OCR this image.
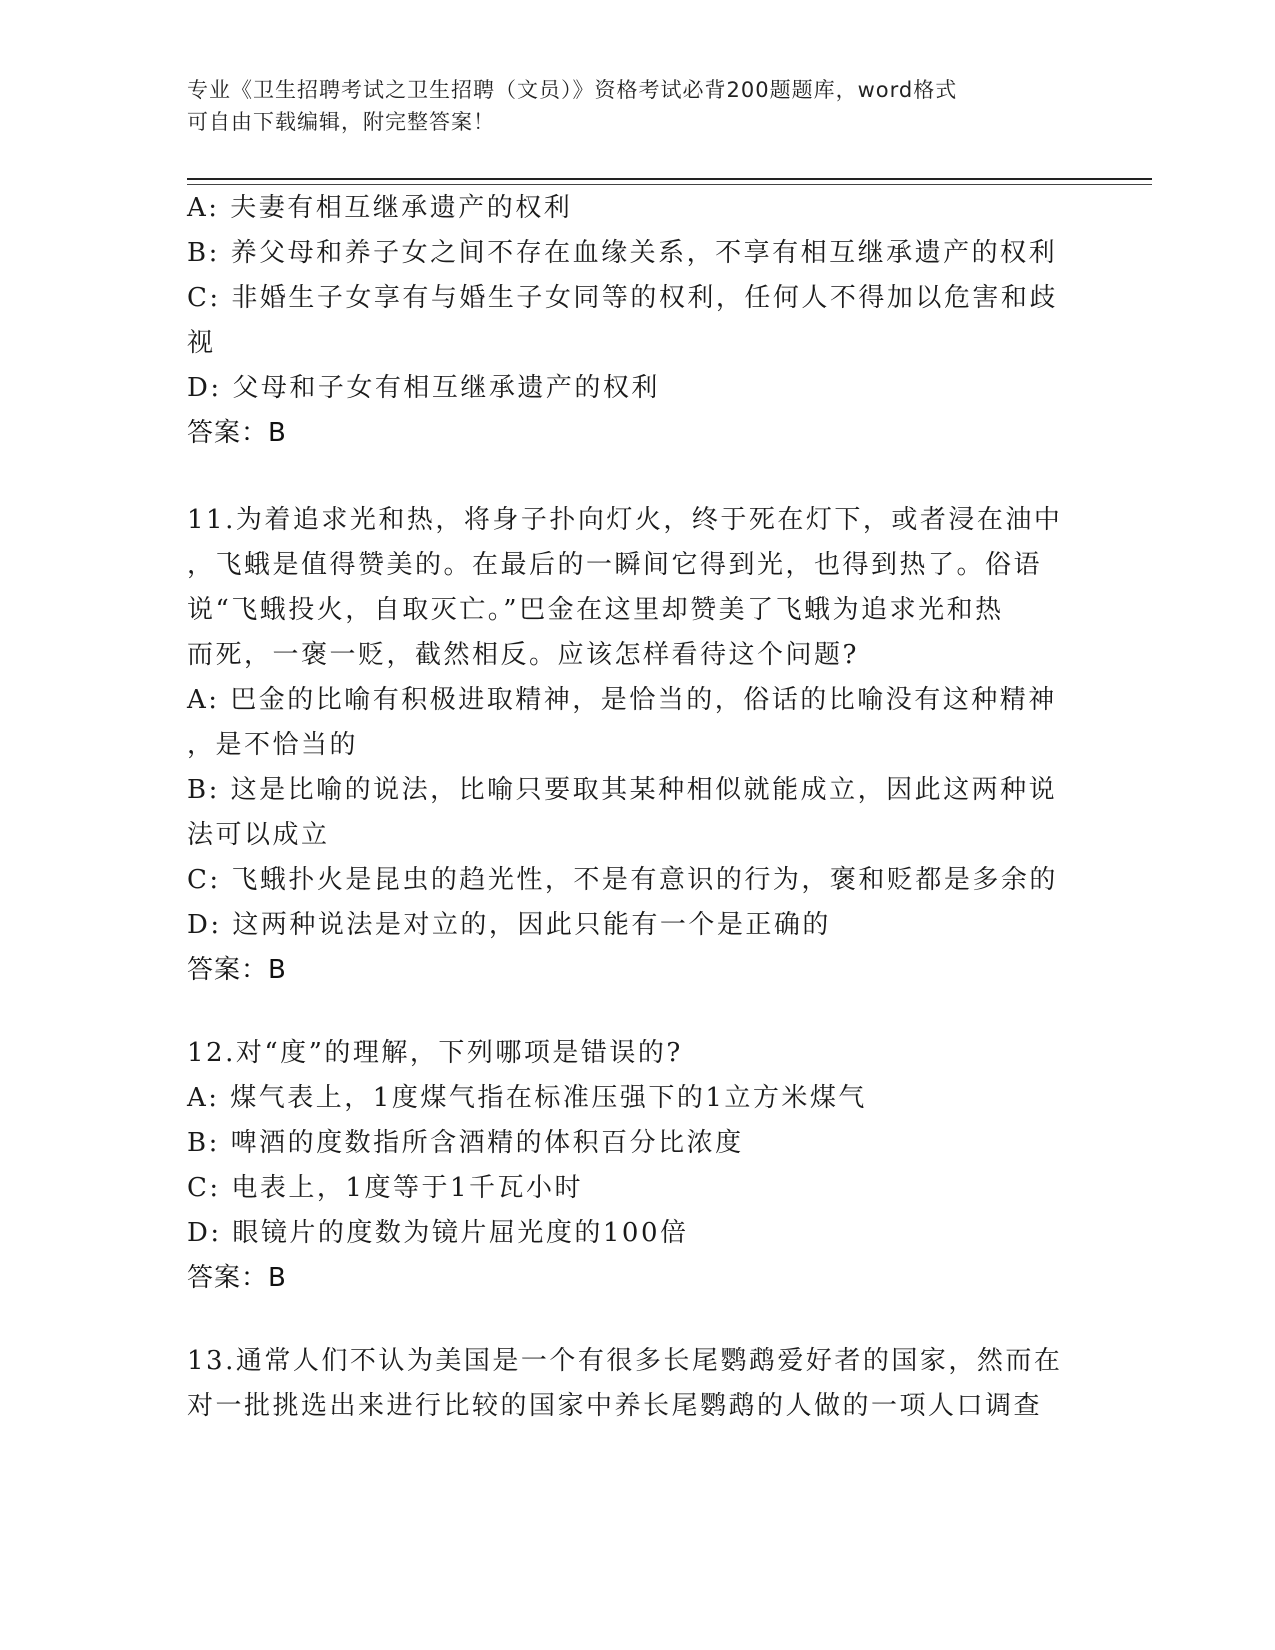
专业《卫生招聘考试之卫生招聘（文员）》资格考试必背200题题库，word格式
可自由下载编辑，附完整答案！
A: 夫妻有相互继承遗产的权利
B: 养父母和养子女之间不存在血缘关系，不享有相互继承遗产的权利
C: 非婚生子女享有与婚生子女同等的权利，任何人不得加以危害和歧
视
D: 父母和子女有相互继承遗产的权利
答案：B
11.为着追求光和热，将身子扑向灯火，终于死在灯下，或者浸在油中
，飞蛾是值得赞美的。在最后的一瞬间它得到光，也得到热了。俗语
说“飞蛾投火，自取灭亡。”巴金在这里却赞美了飞蛾为追求光和热
而死，一褒一贬，截然相反。应该怎样看待这个问题?
A: 巴金的比喻有积极进取精神，是恰当的，俗话的比喻没有这种精神
，是不恰当的
B: 这是比喻的说法，比喻只要取其某种相似就能成立，因此这两种说
法可以成立
C: 飞蛾扑火是昆虫的趋光性，不是有意识的行为，褒和贬都是多余的
D: 这两种说法是对立的，因此只能有一个是正确的
答案：B
12.对“度”的理解，下列哪项是错误的?
A: 煤气表上，1度煤气指在标准压强下的1立方米煤气
B: 啤酒的度数指所含酒精的体积百分比浓度
C: 电表上，1度等于1千瓦小时
D: 眼镜片的度数为镜片屈光度的100倍
答案：B
13.通常人们不认为美国是一个有很多长尾鹦鹉爱好者的国家，然而在
对一批挑选出来进行比较的国家中养长尾鹦鹉的人做的一项人口调查
